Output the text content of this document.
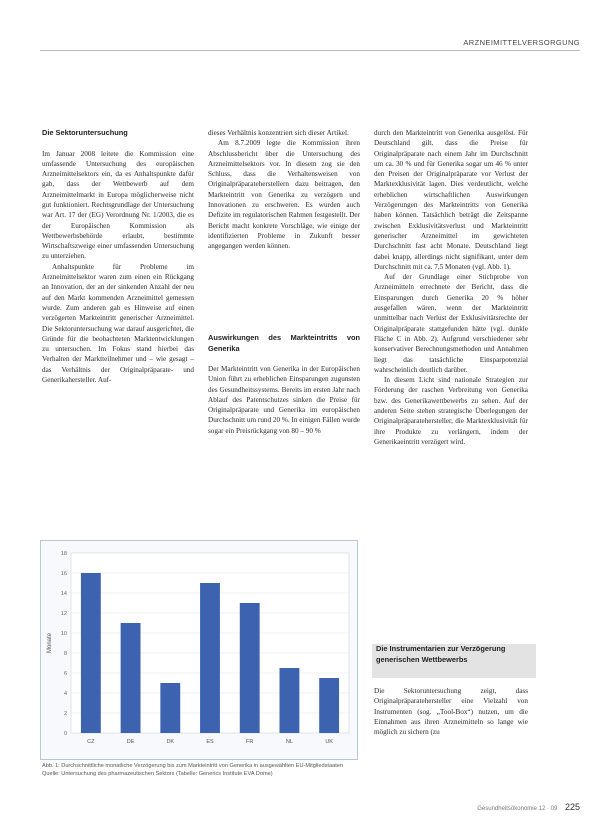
ARZNEIMITTELVERSORGUNG
Die Sektoruntersuchung

Im Januar 2008 leitete die Kommission eine umfassende Untersuchung des europäischen Arzneimittelsektors ein, da es Anhaltspunkte dafür gab, dass der Wettbewerb auf dem Arzneimittelmarkt in Europa möglicherweise nicht gut funktioniert. Rechtsgrundlage der Untersuchung war Art. 17 der (EG) Verordnung Nr. 1/2003, die es der Europäischen Kommission als Wettbewerbsbehörde erlaubt, bestimmte Wirtschaftszweige einer umfassenden Untersuchung zu unterziehen.

Anhaltspunkte für Probleme im Arzneimittelsektor waren zum einen ein Rückgang an Innovation, der an der sinkenden Anzahl der neu auf den Markt kommenden Arzneimittel gemessen wurde. Zum anderen gab es Hinweise auf einen verzögerten Markteintritt generischer Arzneimittel. Die Sektoruntersuchung war darauf ausgerichtet, die Gründe für die beobachteten Marktentwicklungen zu untersuchen. Im Fokus stand hierbei das Verhalten der Marktteilnehmer und – wie gesagt – das Verhältnis der Originalpräparate- und Generikahersteller. Auf-

dieses Verhältnis konzentriert sich dieser Artikel.

Am 8.7.2009 legte die Kommission ihren Abschlussbericht über die Untersuchung des Arzneimittelsektors vor. In diesem zog sie den Schluss, dass die Verhaltensweisen von Originalpräparateherstellern dazu beitragen, den Markteintritt von Generika zu verzögern und Innovationen zu erschweren. Es wurden auch Defizite im regulatorischen Rahmen festgestellt. Der Bericht macht konkrete Vorschläge, wie einige der identifizierten Probleme in Zukunft besser angegangen werden können.

Auswirkungen des Markteintritts von Generika

Der Markteintritt von Generika in der Europäischen Union führt zu erheblichen Einsparungen zugunsten des Gesundheitssystems. Bereits im ersten Jahr nach Ablauf des Patentschutzes sinken die Preise für Originalpräparate und Generika im europäischen Durchschnitt um rund 20 %. In einigen Fällen wurde sogar ein Preisrückgang von 80 – 90 %

durch den Markteintritt von Generika ausgelöst. Für Deutschland gilt, dass die Preise für Originalpräparate nach einem Jahr im Durchschnitt um ca. 30 % und für Generika sogar um 46 % unter den Preisen der Originalpräparate vor Verlust der Marktexklusivität lagen. Dies verdeutlicht, welche erheblichen wirtschaftlichen Auswirkungen Verzögerungen des Markteintritts von Generika haben können. Tatsächlich beträgt die Zeitspanne zwischen Exklusivitätsverlust und Markteintritt generischer Arzneimittel im gewichteten Durchschnitt fast acht Monate. Deutschland liegt dabei knapp, allerdings nicht signifikant, unter dem Durchschnitt mit ca. 7,5 Monaten (vgl. Abb. 1).

Auf der Grundlage einer Stichprobe von Arzneimitteln errechnete der Bericht, dass die Einsparungen durch Generika 20 % höher ausgefallen wären, wenn der Markteintritt unmittelbar nach Verlust der Exklusivitätsrechte der Originalpräparate stattgefunden hätte (vgl. dunkle Fläche C in Abb. 2). Aufgrund verschiedener sehr konservativer Berechnungsmethoden und Annahmen liegt das tatsächliche Einsparpotenzial wahrscheinlich deutlich darüber.

In diesem Licht sind nationale Strategien zur Förderung der raschen Verbreitung von Generika bzw. des Generikawettbewerbs zu sehen. Auf der anderen Seite stehen strategische Überlegungen der Originalpräparatehersteller, die Marktexklusivität für ihre Produkte zu verlängern, indem der Generikaeintritt verzögert wird.

Die Instrumentarien zur Verzögerung generischen Wettbewerbs

Die Sektoruntersuchung zeigt, dass Originalpräparatehersteller eine Vielzahl von Instrumenten (sog. „Tool-Box“) nutzen, um die Einnahmen aus ihren Arzneimitteln so lange wie möglich zu sichern (zu

0
2
4
6
8
10
12
14
16
18
Monate
CZ	DE	DK	ES	FR	NL	UK
Abb. 1: Durchschnittliche monatliche Verzögerung bis zum Markteintritt von Generika in ausgewählten EU-Mitgliedstaaten
Quelle: Untersuchung des pharmazeutischen Sektors (Tabelle: Generics Institute EVA Dome)
Gesundheitsökonomie 12 · 09 225
